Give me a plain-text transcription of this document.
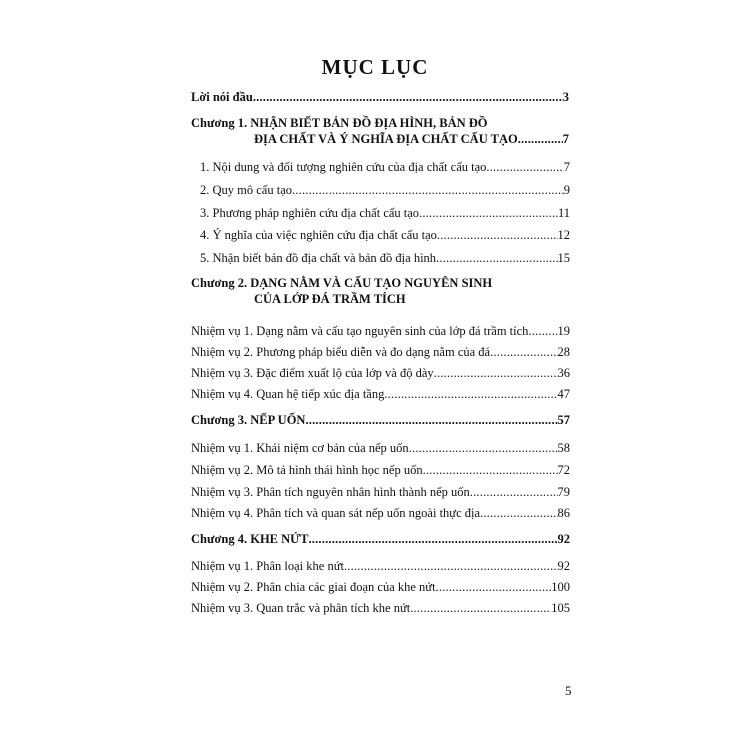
MỤC LỤC
Lời nói đầu .....	3
Chương 1. NHẬN BIẾT BẢN ĐỒ ĐỊA HÌNH, BẢN ĐỒ
ĐỊA CHẤT VÀ Ý NGHĨA ĐỊA CHẤT CẤU TẠO .....	7
1. Nội dung và đối tượng nghiên cứu của địa chất cấu tạo .....	7
2. Quy mô cấu tạo .....	9
3. Phương pháp nghiên cứu địa chất cấu tạo .....	11
4. Ý nghĩa của việc nghiên cứu địa chất cấu tạo .....	12
5. Nhận biết bản đồ địa chất và bản đồ địa hình .....	15
Chương 2. DẠNG NẰM VÀ CẤU TẠO NGUYÊN SINH
CỦA LỚP ĐÁ TRẦM TÍCH
Nhiệm vụ 1. Dạng nằm và cấu tạo nguyên sinh của lớp đá trầm tích ..... 19
Nhiệm vụ 2. Phương pháp biểu diễn và đo dạng nằm của đá .....	28
Nhiệm vụ 3. Đặc điểm xuất lộ của lớp và độ dày .....	36
Nhiệm vụ 4. Quan hệ tiếp xúc địa tầng .....	47
Chương 3. NẾP UỐN .....	57
Nhiệm vụ 1. Khái niệm cơ bản của nếp uốn .....	58
Nhiệm vụ 2. Mô tả hình thái hình học nếp uốn .....	72
Nhiệm vụ 3. Phân tích nguyên nhân hình thành nếp uốn .....	79
Nhiệm vụ 4. Phân tích và quan sát nếp uốn ngoài thực địa .....	86
Chương 4. KHE NỨT .....	92
Nhiệm vụ 1. Phân loại khe nứt .....	92
Nhiệm vụ 2. Phân chia các giai đoạn của khe nứt .....	100
Nhiệm vụ 3. Quan trắc và phân tích khe nứt .....	105
5
